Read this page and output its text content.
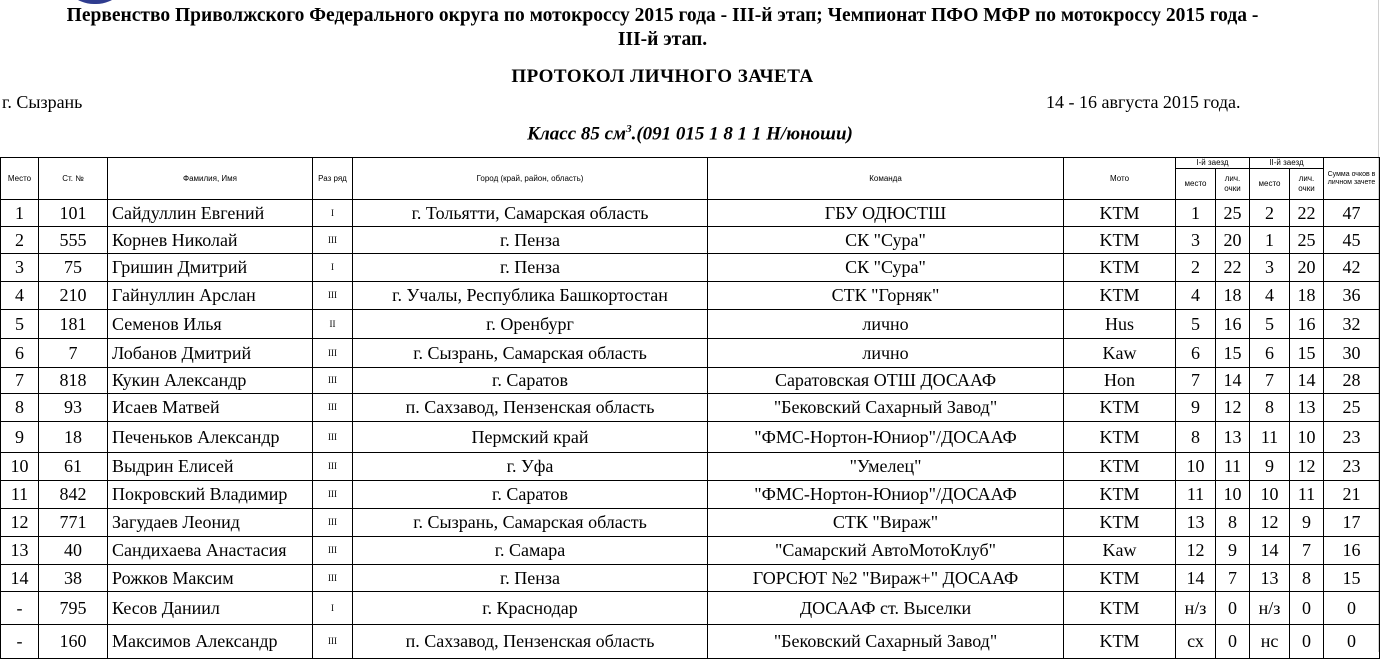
Первенство Приволжского Федерального округа по мотокроссу 2015 года - III-й этап; Чемпионат ПФО МФР по мотокроссу 2015 года -
III-й этап.
ПРОТОКОЛ ЛИЧНОГО ЗАЧЕТА
г. Сызрань	14 - 16 августа 2015 года.
Класс 85 $см^3.(091$ 015 1 8 1 1 Н/юноши)
Место	Ст. №	Фамилия, Имя	Раз ряд	Город (край, район, область)	Команда	Мото	I-й заезд		II-й заезд		Сумма очков в личном зачете
							место	лич. очки	место	лич. очки	
1	101	Сайдуллин Евгений	I	г. Тольятти, Самарская область	ГБУ ОДЮСТШ	KTM	1	25	2	22	47
2	555	Корнев Николай	III	г. Пенза	СК "Сура"	KTM	3	20	1	25	45
3	75	Гришин Дмитрий	I	г. Пенза	СК "Сура"	KTM	2	22	3	20	42
4	210	Гайнуллин Арслан	III	г. Учалы, Республика Башкортостан	СТК "Горняк"	KTM	4	18	4	18	36
5	181	Семенов Илья	II	г. Оренбург	лично	Hus	5	16	5	16	32
6	7	Лобанов Дмитрий	III	г. Сызрань, Самарская область	лично	Kaw	6	15	6	15	30
7	818	Кукин Александр	III	г. Саратов	Саратовская ОТШ ДОСААФ	Hon	7	14	7	14	28
8	93	Исаев Матвей	III	п. Сахзавод, Пензенская область	"Бековский Сахарный Завод"	KTM	9	12	8	13	25
9	18	Печеньков Александр	III	Пермский край	"ФМС-Нортон-Юниор"/ДОСААФ	KTM	8	13	11	10	23
10	61	Выдрин Елисей	III	г. Уфа	"Умелец"	KTM	10	11	9	12	23
11	842	Покровский Владимир	III	г. Саратов	"ФМС-Нортон-Юниор"/ДОСААФ	KTM	11	10	10	11	21
12	771	Загудаев Леонид	III	г. Сызрань, Самарская область	СТК "Вираж"	KTM	13	8	12	9	17
13	40	Сандихаева Анастасия	III	г. Самара	"Самарский АвтоМотоКлуб"	Kaw	12	9	14	7	16
14	38	Рожков Максим	III	г. Пенза	ГОРСЮТ №2 "Вираж+" ДОСААФ	KTM	14	7	13	8	15
-	795	Кесов Даниил	I	г. Краснодар	ДОСААФ ст. Выселки	KTM	н/з	0	н/з	0	0
-	160	Максимов Александр	III	п. Сахзавод, Пензенская область	"Бековский Сахарный Завод"	KTM	сх	0	нс	0	0
